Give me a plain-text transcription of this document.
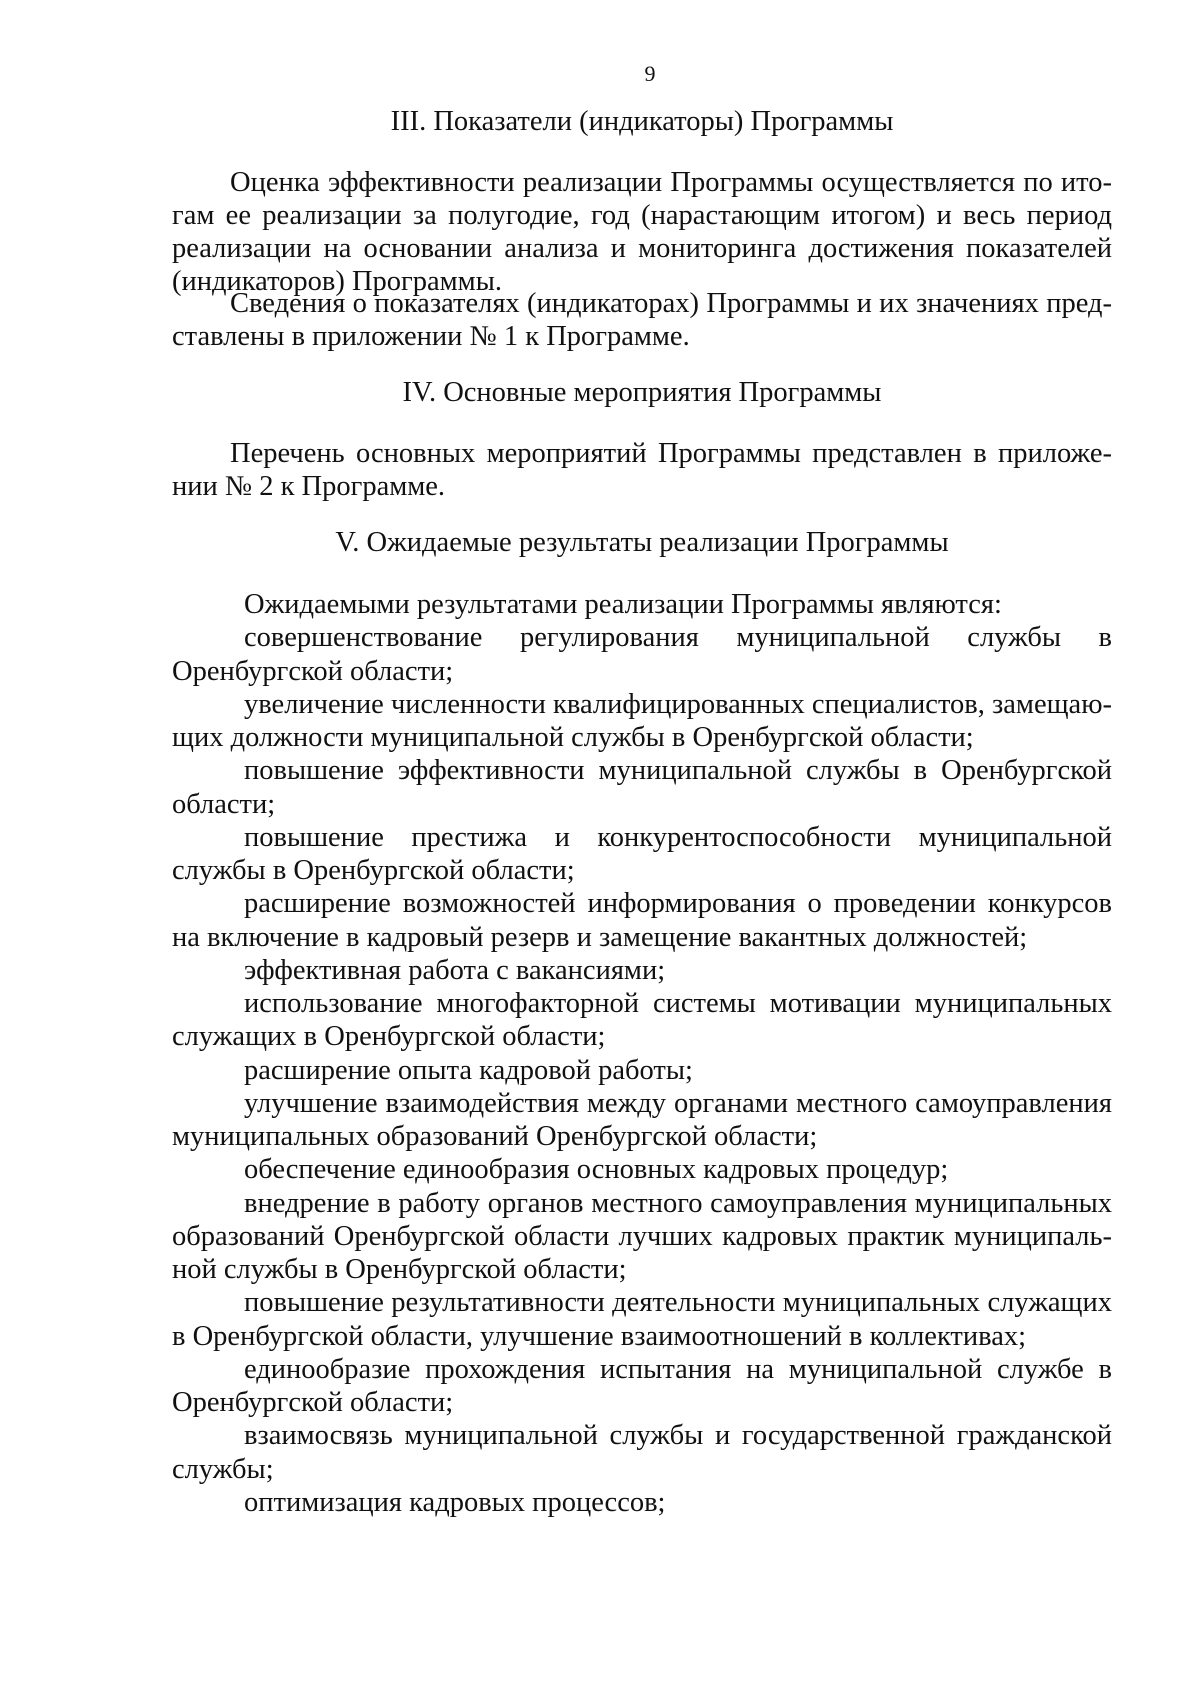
9
III. Показатели (индикаторы) Программы

Оценка эффективности реализации Программы осуществляется по итогам ее реализации за полугодие, год (нарастающим итогом) и весь период реализации на основании анализа и мониторинга достижения показателей (индикаторов) Программы.

Сведения о показателях (индикаторах) Программы и их значениях представлены в приложении № 1 к Программе.

IV. Основные мероприятия Программы

Перечень основных мероприятий Программы представлен в приложении № 2 к Программе.

V. Ожидаемые результаты реализации Программы

Ожидаемыми результатами реализации Программы являются:

совершенствование регулирования муниципальной службы в Оренбургской области;

увеличение численности квалифицированных специалистов, замещающих должности муниципальной службы в Оренбургской области;

повышение эффективности муниципальной службы в Оренбургской области;

повышение престижа и конкурентоспособности муниципальной службы в Оренбургской области;

расширение возможностей информирования о проведении конкурсов на включение в кадровый резерв и замещение вакантных должностей;

эффективная работа с вакансиями;

использование многофакторной системы мотивации муниципальных служащих в Оренбургской области;

расширение опыта кадровой работы;

улучшение взаимодействия между органами местного самоуправления муниципальных образований Оренбургской области;

обеспечение единообразия основных кадровых процедур;

внедрение в работу органов местного самоуправления муниципальных образований Оренбургской области лучших кадровых практик муниципальной службы в Оренбургской области;

повышение результативности деятельности муниципальных служащих в Оренбургской области, улучшение взаимоотношений в коллективах;

единообразие прохождения испытания на муниципальной службе в Оренбургской области;

взаимосвязь муниципальной службы и государственной гражданской службы;

оптимизация кадровых процессов;
